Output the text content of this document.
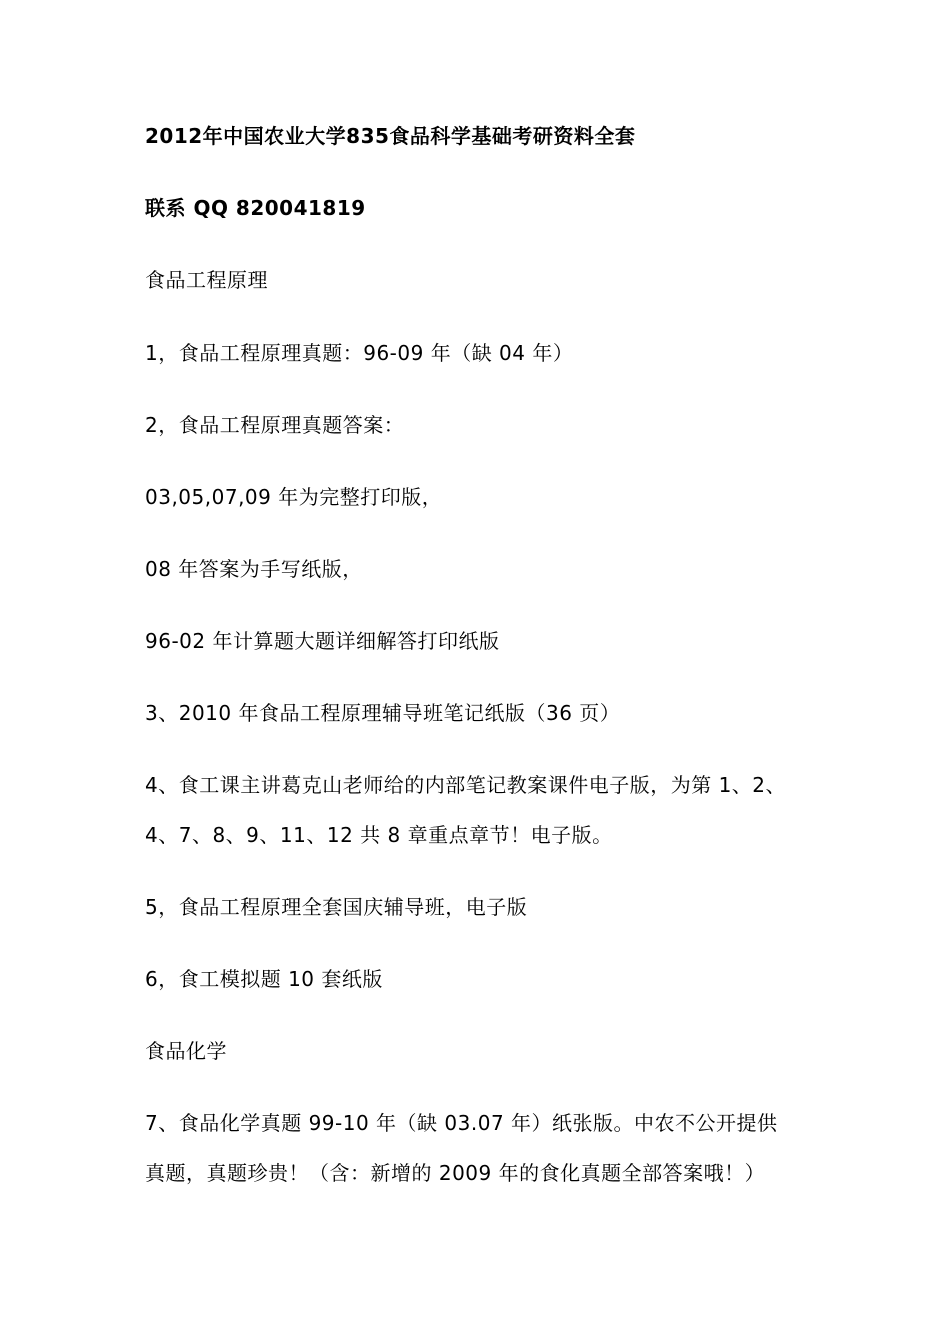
2012年中国农业大学835食品科学基础考研资料全套
联系 QQ 820041819
食品工程原理
1，食品工程原理真题：96-09 年（缺 04 年）
2，食品工程原理真题答案：
03,05,07,09 年为完整打印版，
08 年答案为手写纸版，
96-02 年计算题大题详细解答打印纸版
3、2010 年食品工程原理辅导班笔记纸版（36 页）
4、食工课主讲葛克山老师给的内部笔记教案课件电子版，为第 1、2、
4、7、8、9、11、12 共 8 章重点章节！电子版。
5，食品工程原理全套国庆辅导班，电子版
6，食工模拟题 10 套纸版
食品化学
7、食品化学真题 99-10 年（缺 03.07 年）纸张版。中农不公开提供
真题，真题珍贵！（含：新增的 2009 年的食化真题全部答案哦！）
